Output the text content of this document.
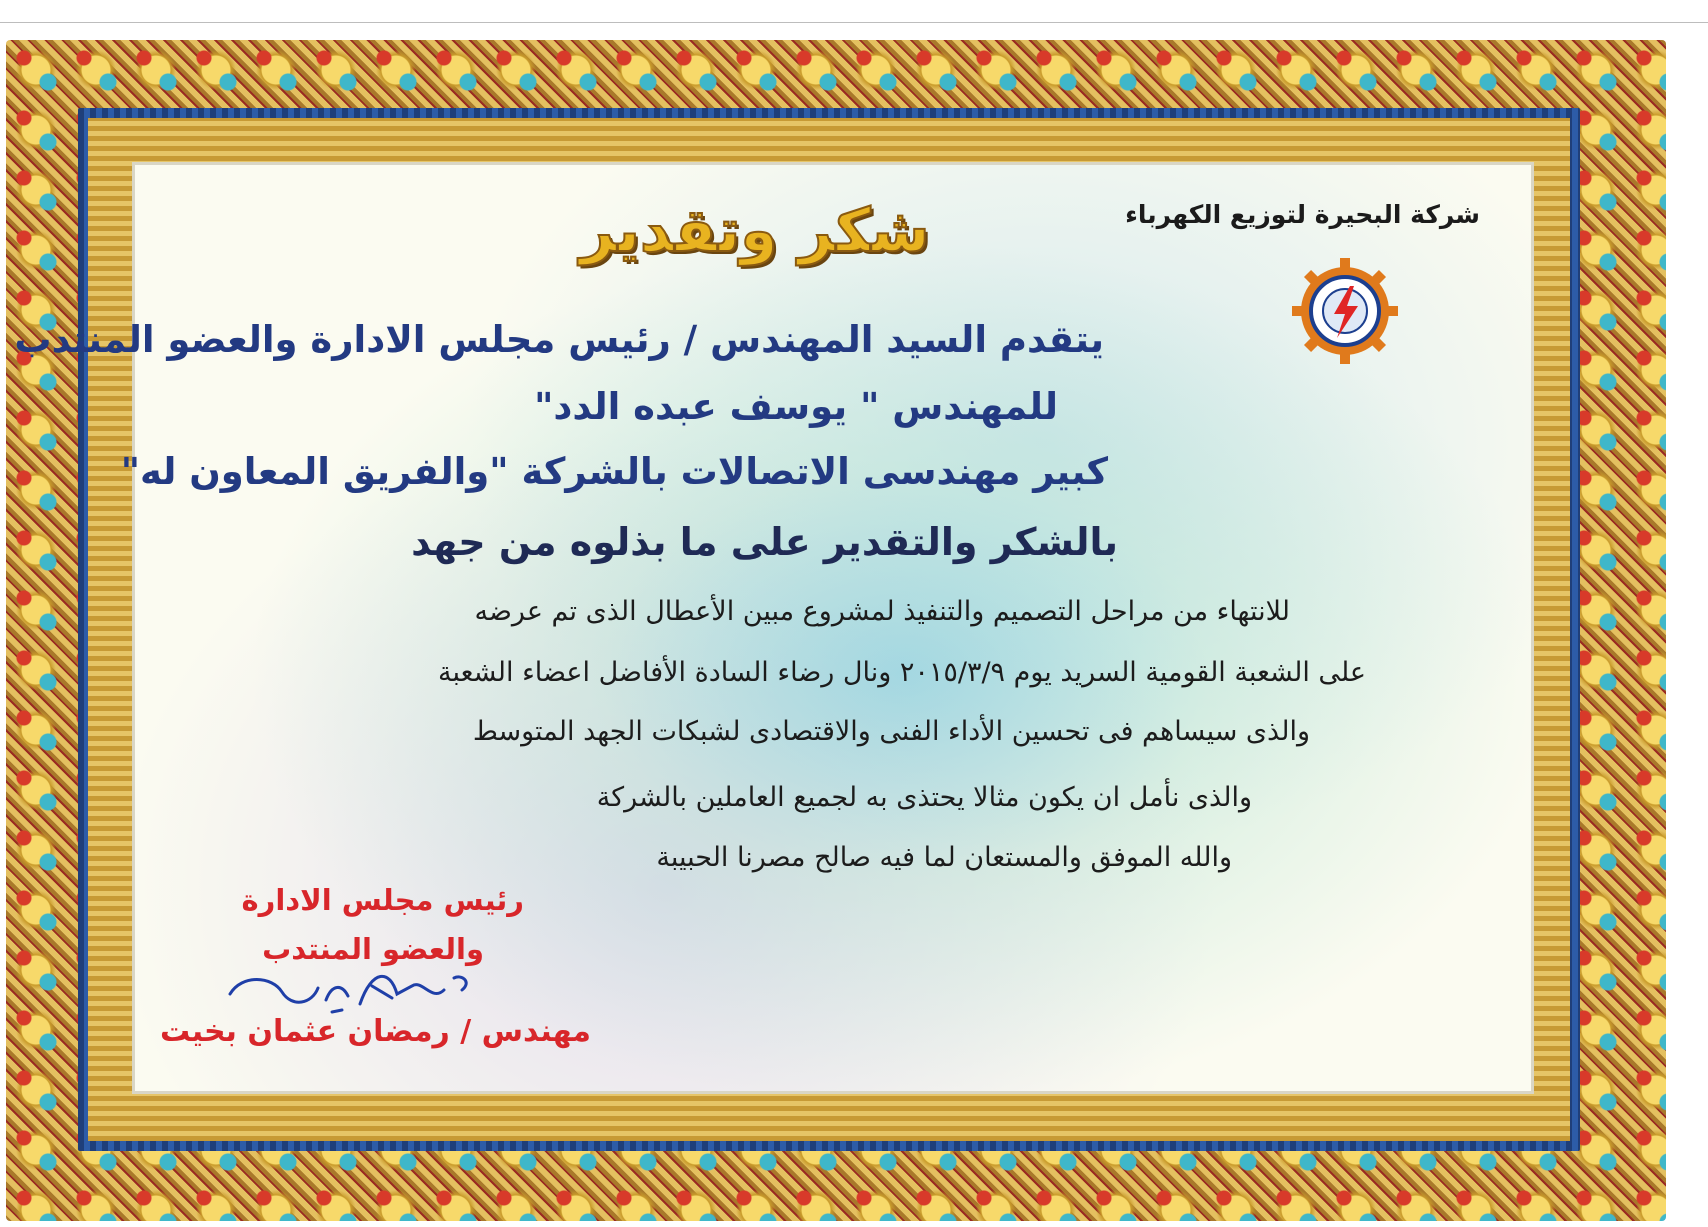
شركة البحيرة لتوزيع الكهرباء
شكر وتقدير
يتقدم السيد المهندس / رئيس مجلس الادارة والعضو المنتدب
للمهندس " يوسف عبده الدد"
كبير مهندسى الاتصالات بالشركة "والفريق المعاون له"
بالشكر والتقدير على ما بذلوه من جهد
للانتهاء من مراحل التصميم والتنفيذ لمشروع مبين الأعطال الذى تم عرضه
على الشعبة القومية السريد يوم ٢٠١٥/٣/٩ ونال رضاء السادة الأفاضل اعضاء الشعبة
والذى سيساهم فى تحسين الأداء الفنى والاقتصادى لشبكات الجهد المتوسط
والذى نأمل ان يكون مثالا يحتذى به لجميع العاملين بالشركة
والله الموفق والمستعان لما فيه صالح مصرنا الحبيبة
رئيس مجلس الادارة
والعضو المنتدب
مهندس / رمضان عثمان بخيت
